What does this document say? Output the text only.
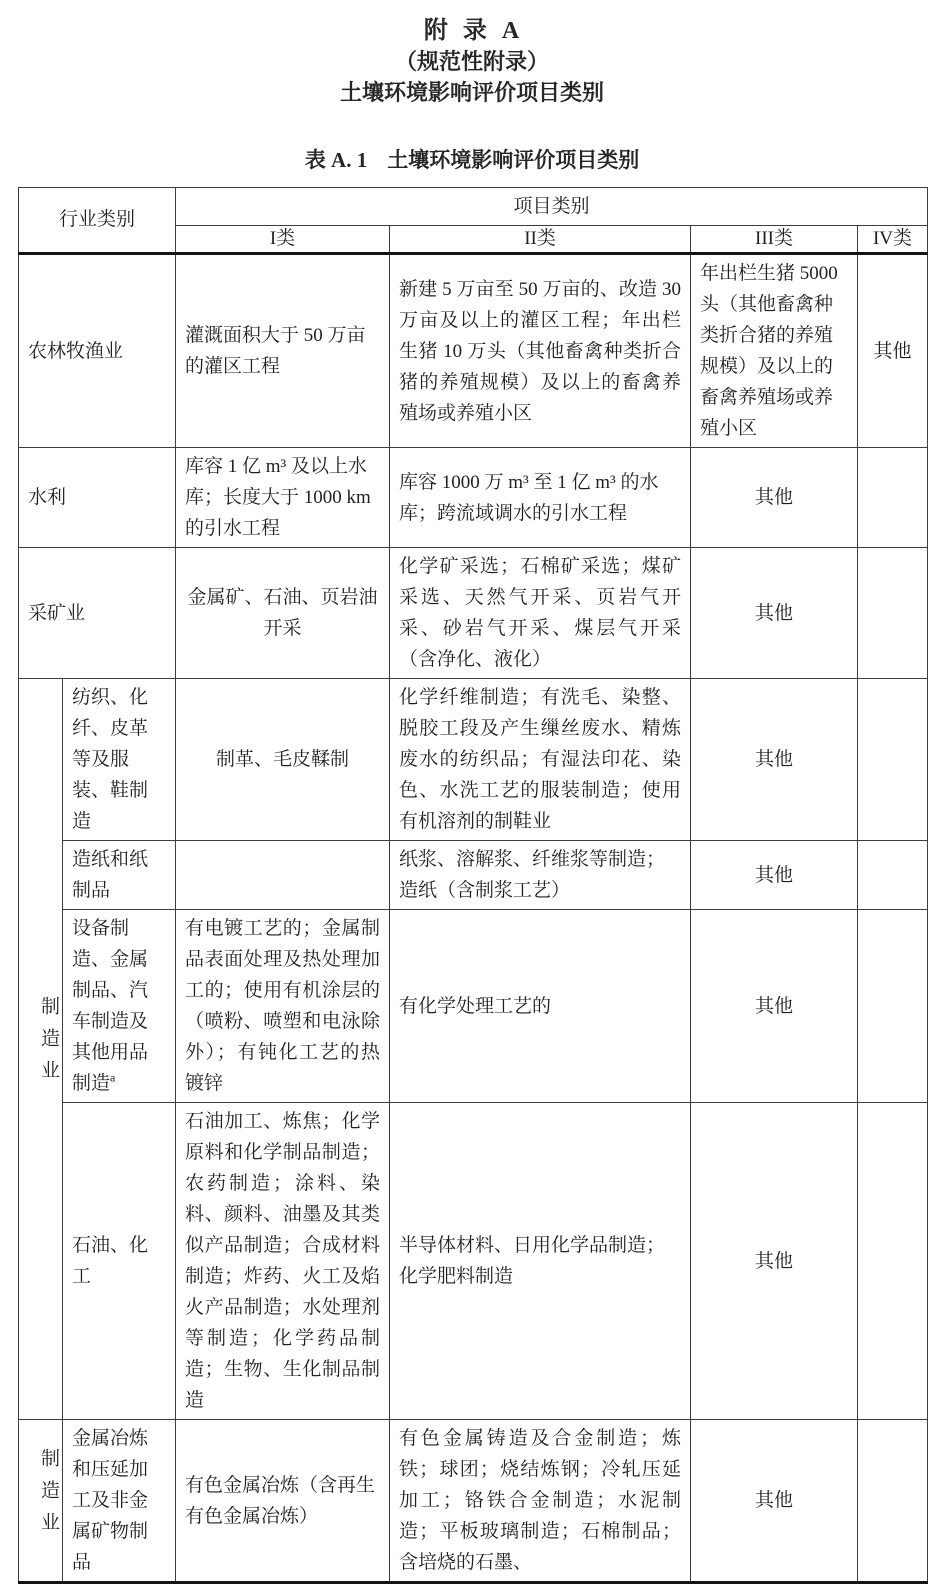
附  录  A
（规范性附录）
土壤环境影响评价项目类别
表 A. 1 土壤环境影响评价项目类别
行业类别		项目类别			
		I类	II类	III类	IV类
农林牧渔业		灌溉面积大于 50 万亩的灌区工程	新建 5 万亩至 50 万亩的、改造 30 万亩及以上的灌区工程；年出栏生猪 10 万头（其他畜禽种类折合猪的养殖规模）及以上的畜禽养殖场或养殖小区	年出栏生猪 5000 头（其他畜禽种类折合猪的养殖规模）及以上的畜禽养殖场或养殖小区	其他
水利		库容 1 亿 m³ 及以上水库；长度大于 1000 km 的引水工程	库容 1000 万 m³ 至 1 亿 m³ 的水库；跨流域调水的引水工程	其他	
采矿业		金属矿、石油、页岩油开采	化学矿采选；石棉矿采选；煤矿采选、天然气开采、页岩气开采、砂岩气开采、煤层气开采（含净化、液化）	其他	
制造业	纺织、化纤、皮革等及服装、鞋制造	制革、毛皮鞣制	化学纤维制造；有洗毛、染整、脱胶工段及产生缫丝废水、精炼废水的纺织品；有湿法印花、染色、水洗工艺的服装制造；使用有机溶剂的制鞋业	其他	
	造纸和纸制品		纸浆、溶解浆、纤维浆等制造；造纸（含制浆工艺）	其他	
	设备制造、金属制品、汽车制造及其他用品制造$^a$	有电镀工艺的；金属制品表面处理及热处理加工的；使用有机涂层的（喷粉、喷塑和电泳除外）；有钝化工艺的热镀锌	有化学处理工艺的	其他	
	石油、化工	石油加工、炼焦；化学原料和化学制品制造；农药制造；涂料、染料、颜料、油墨及其类似产品制造；合成材料制造；炸药、火工及焰火产品制造；水处理剂等制造；化学药品制造；生物、生化制品制造	半导体材料、日用化学品制造；化学肥料制造	其他	
制造业	金属冶炼和压延加工及非金属矿物制品	有色金属冶炼（含再生有色金属冶炼）	有色金属铸造及合金制造；炼铁；球团；烧结炼钢；冷轧压延加工；铬铁合金制造；水泥制造；平板玻璃制造；石棉制品；含培烧的石墨、	其他	
